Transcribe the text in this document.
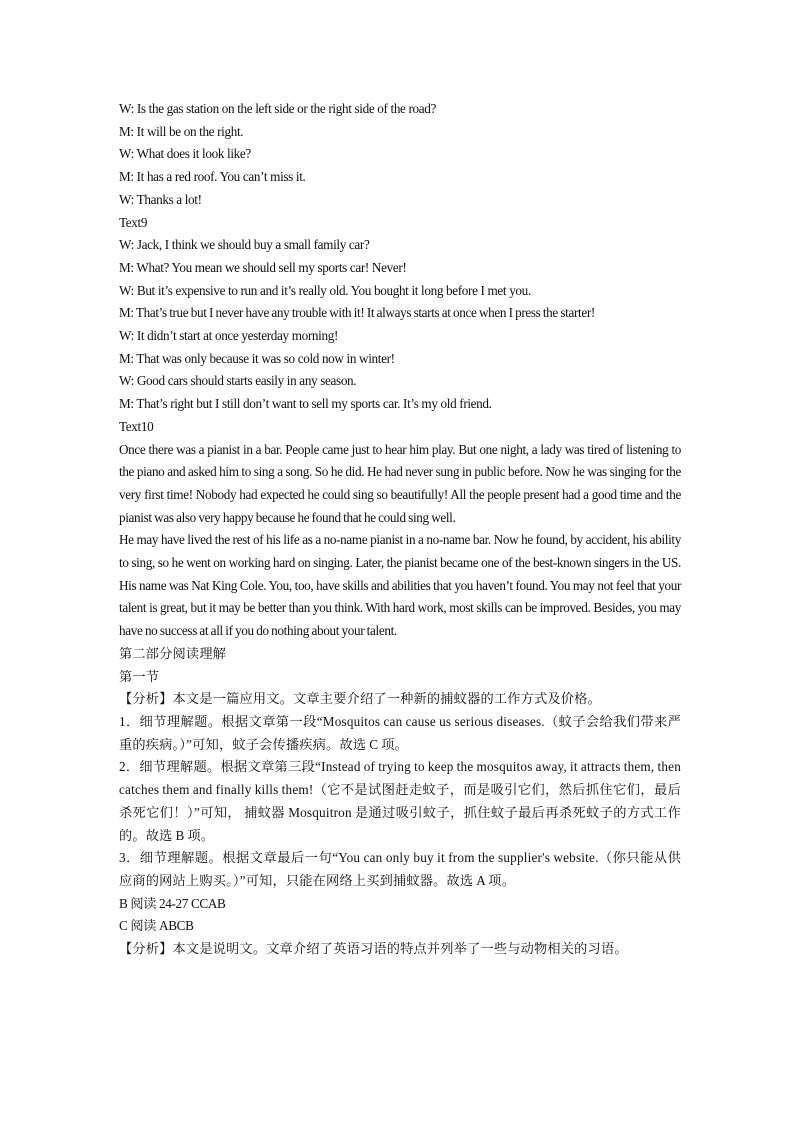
W: Is the gas station on the left side or the right side of the road?
M: It will be on the right.
W: What does it look like?
M: It has a red roof. You can’t miss it.
W: Thanks a lot!
Text9
W: Jack, I think we should buy a small family car?
M: What? You mean we should sell my sports car! Never!
W: But it’s expensive to run and it’s really old. You bought it long before I met you.
M: That’s true but I never have any trouble with it! It always starts at once when I press the starter!
W: It didn’t start at once yesterday morning!
M: That was only because it was so cold now in winter!
W: Good cars should starts easily in any season.
M: That’s right but I still don’t want to sell my sports car. It’s my old friend.
Text10
Once there was a pianist in a bar. People came just to hear him play. But one night, a lady was tired of listening to the piano and asked him to sing a song. So he did. He had never sung in public before. Now he was singing for the very first time! Nobody had expected he could sing so beautifully! All the people present had a good time and the pianist was also very happy because he found that he could sing well.
He may have lived the rest of his life as a no-name pianist in a no-name bar. Now he found, by accident, his ability to sing, so he went on working hard on singing. Later, the pianist became one of the best-known singers in the US. His name was Nat King Cole. You, too, have skills and abilities that you haven’t found. You may not feel that your talent is great, but it may be better than you think. With hard work, most skills can be improved. Besides, you may have no success at all if you do nothing about your talent.
第二部分阅读理解
第一节
【分析】本文是一篇应用文。文章主要介绍了一种新的捕蚊器的工作方式及价格。
1．细节理解题。根据文章第一段“Mosquitos can cause us serious diseases.（蚊子会给我们带来严重的疾病。）”可知，蚊子会传播疾病。故选 C 项。
2．细节理解题。根据文章第三段“Instead of trying to keep the mosquitos away, it attracts them, then catches them and finally kills them!（它不是试图赶走蚊子，而是吸引它们，然后抓住它们，最后杀死它们！）”可知， 捕蚊器 Mosquitron 是通过吸引蚊子，抓住蚊子最后再杀死蚊子的方式工作的。故选 B 项。
3．细节理解题。根据文章最后一句“You can only buy it from the supplier's website.（你只能从供应商的网站上购买。）”可知，只能在网络上买到捕蚊器。故选 A 项。
B 阅读 24-27 CCAB
C 阅读 ABCB
【分析】本文是说明文。文章介绍了英语习语的特点并列举了一些与动物相关的习语。
